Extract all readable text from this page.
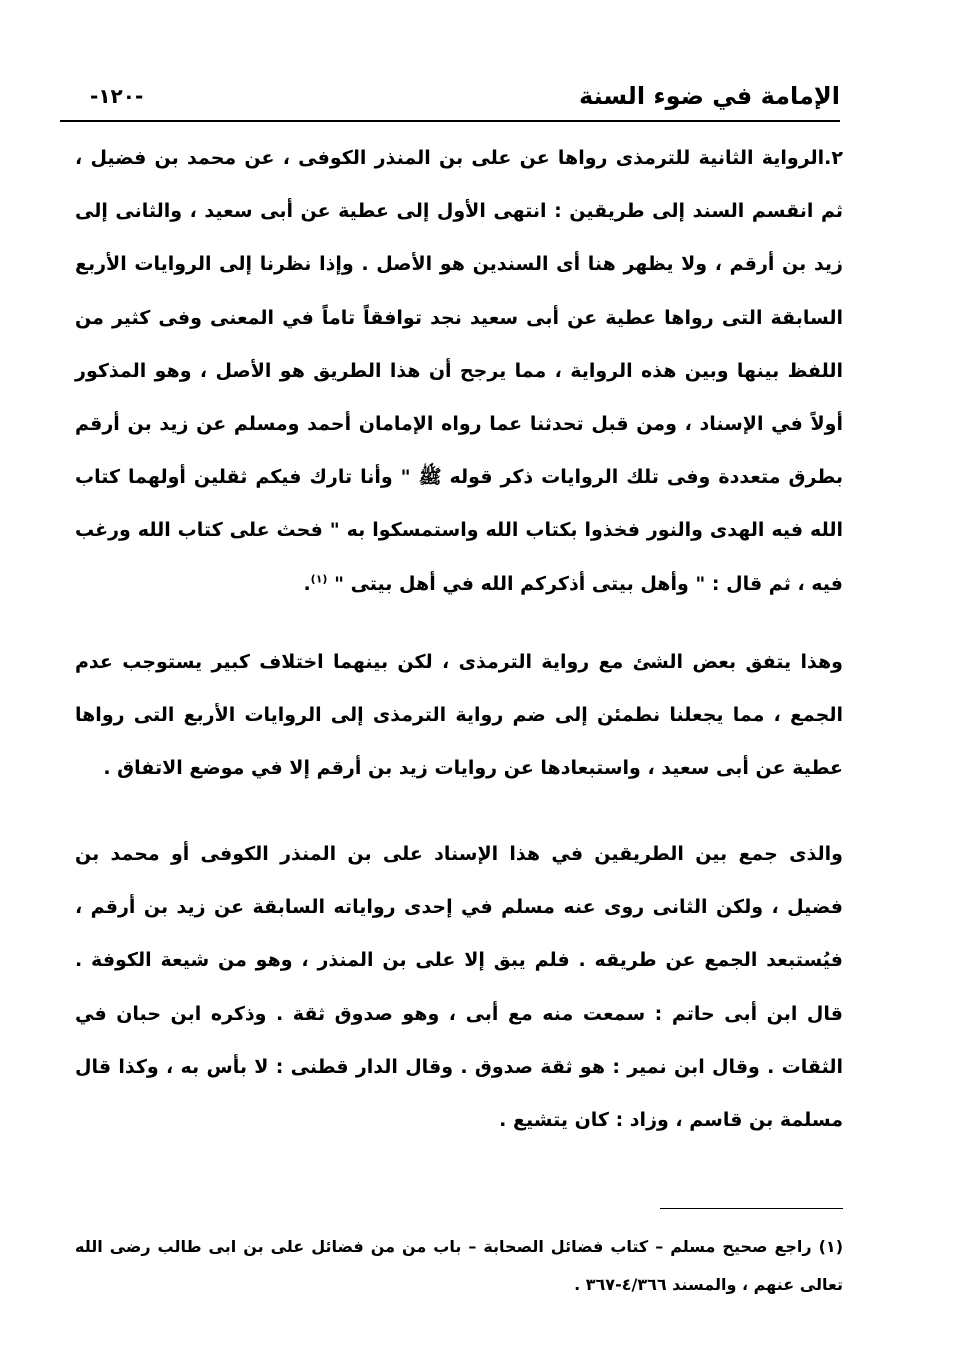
الإمامة في ضوء السنة
-١٢٠-

٢.الرواية الثانية للترمذى رواها عن على بن المنذر الكوفى ، عن محمد بن فضيل ، ثم انقسم السند إلى طريقين : انتهى الأول إلى عطية عن أبى سعيد ، والثانى إلى زيد بن أرقم ، ولا يظهر هنا أى السندين هو الأصل . وإذا نظرنا إلى الروايات الأربع السابقة التى رواها عطية عن أبى سعيد نجد توافقاً تاماً في المعنى وفى كثير من اللفظ بينها وبين هذه الرواية ، مما يرجح أن هذا الطريق هو الأصل ، وهو المذكور أولاً في الإسناد ، ومن قبل تحدثنا عما رواه الإمامان أحمد ومسلم عن زيد بن أرقم بطرق متعددة وفى تلك الروايات ذكر قوله ﷺ " وأنا تارك فيكم ثقلين أولهما كتاب الله فيه الهدى والنور فخذوا بكتاب الله واستمسكوا به " فحث على كتاب الله ورغب فيه ، ثم قال : " وأهل بيتى أذكركم الله في أهل بيتى " $^{(١)}$.

وهذا يتفق بعض الشئ مع رواية الترمذى ، لكن بينهما اختلاف كبير يستوجب عدم الجمع ، مما يجعلنا نطمئن إلى ضم رواية الترمذى إلى الروايات الأربع التى رواها عطية عن أبى سعيد ، واستبعادها عن روايات زيد بن أرقم إلا في موضع الاتفاق .

والذى جمع بين الطريقين في هذا الإسناد على بن المنذر الكوفى أو محمد بن فضيل ، ولكن الثانى روى عنه مسلم في إحدى رواياته السابقة عن زيد بن أرقم ، فيُستبعد الجمع عن طريقه . فلم يبق إلا على بن المنذر ، وهو من شيعة الكوفة . قال ابن أبى حاتم : سمعت منه مع أبى ، وهو صدوق ثقة . وذكره ابن حبان في الثقات . وقال ابن نمير : هو ثقة صدوق . وقال الدار قطنى : لا بأس به ، وكذا قال مسلمة بن قاسم ، وزاد : كان يتشيع .

(١) راجع صحيح مسلم – كتاب فضائل الصحابة – باب من من فضائل على بن ابى طالب رضى الله تعالى عنهم ، والمسند ٤/٣٦٦-٣٦٧ .
